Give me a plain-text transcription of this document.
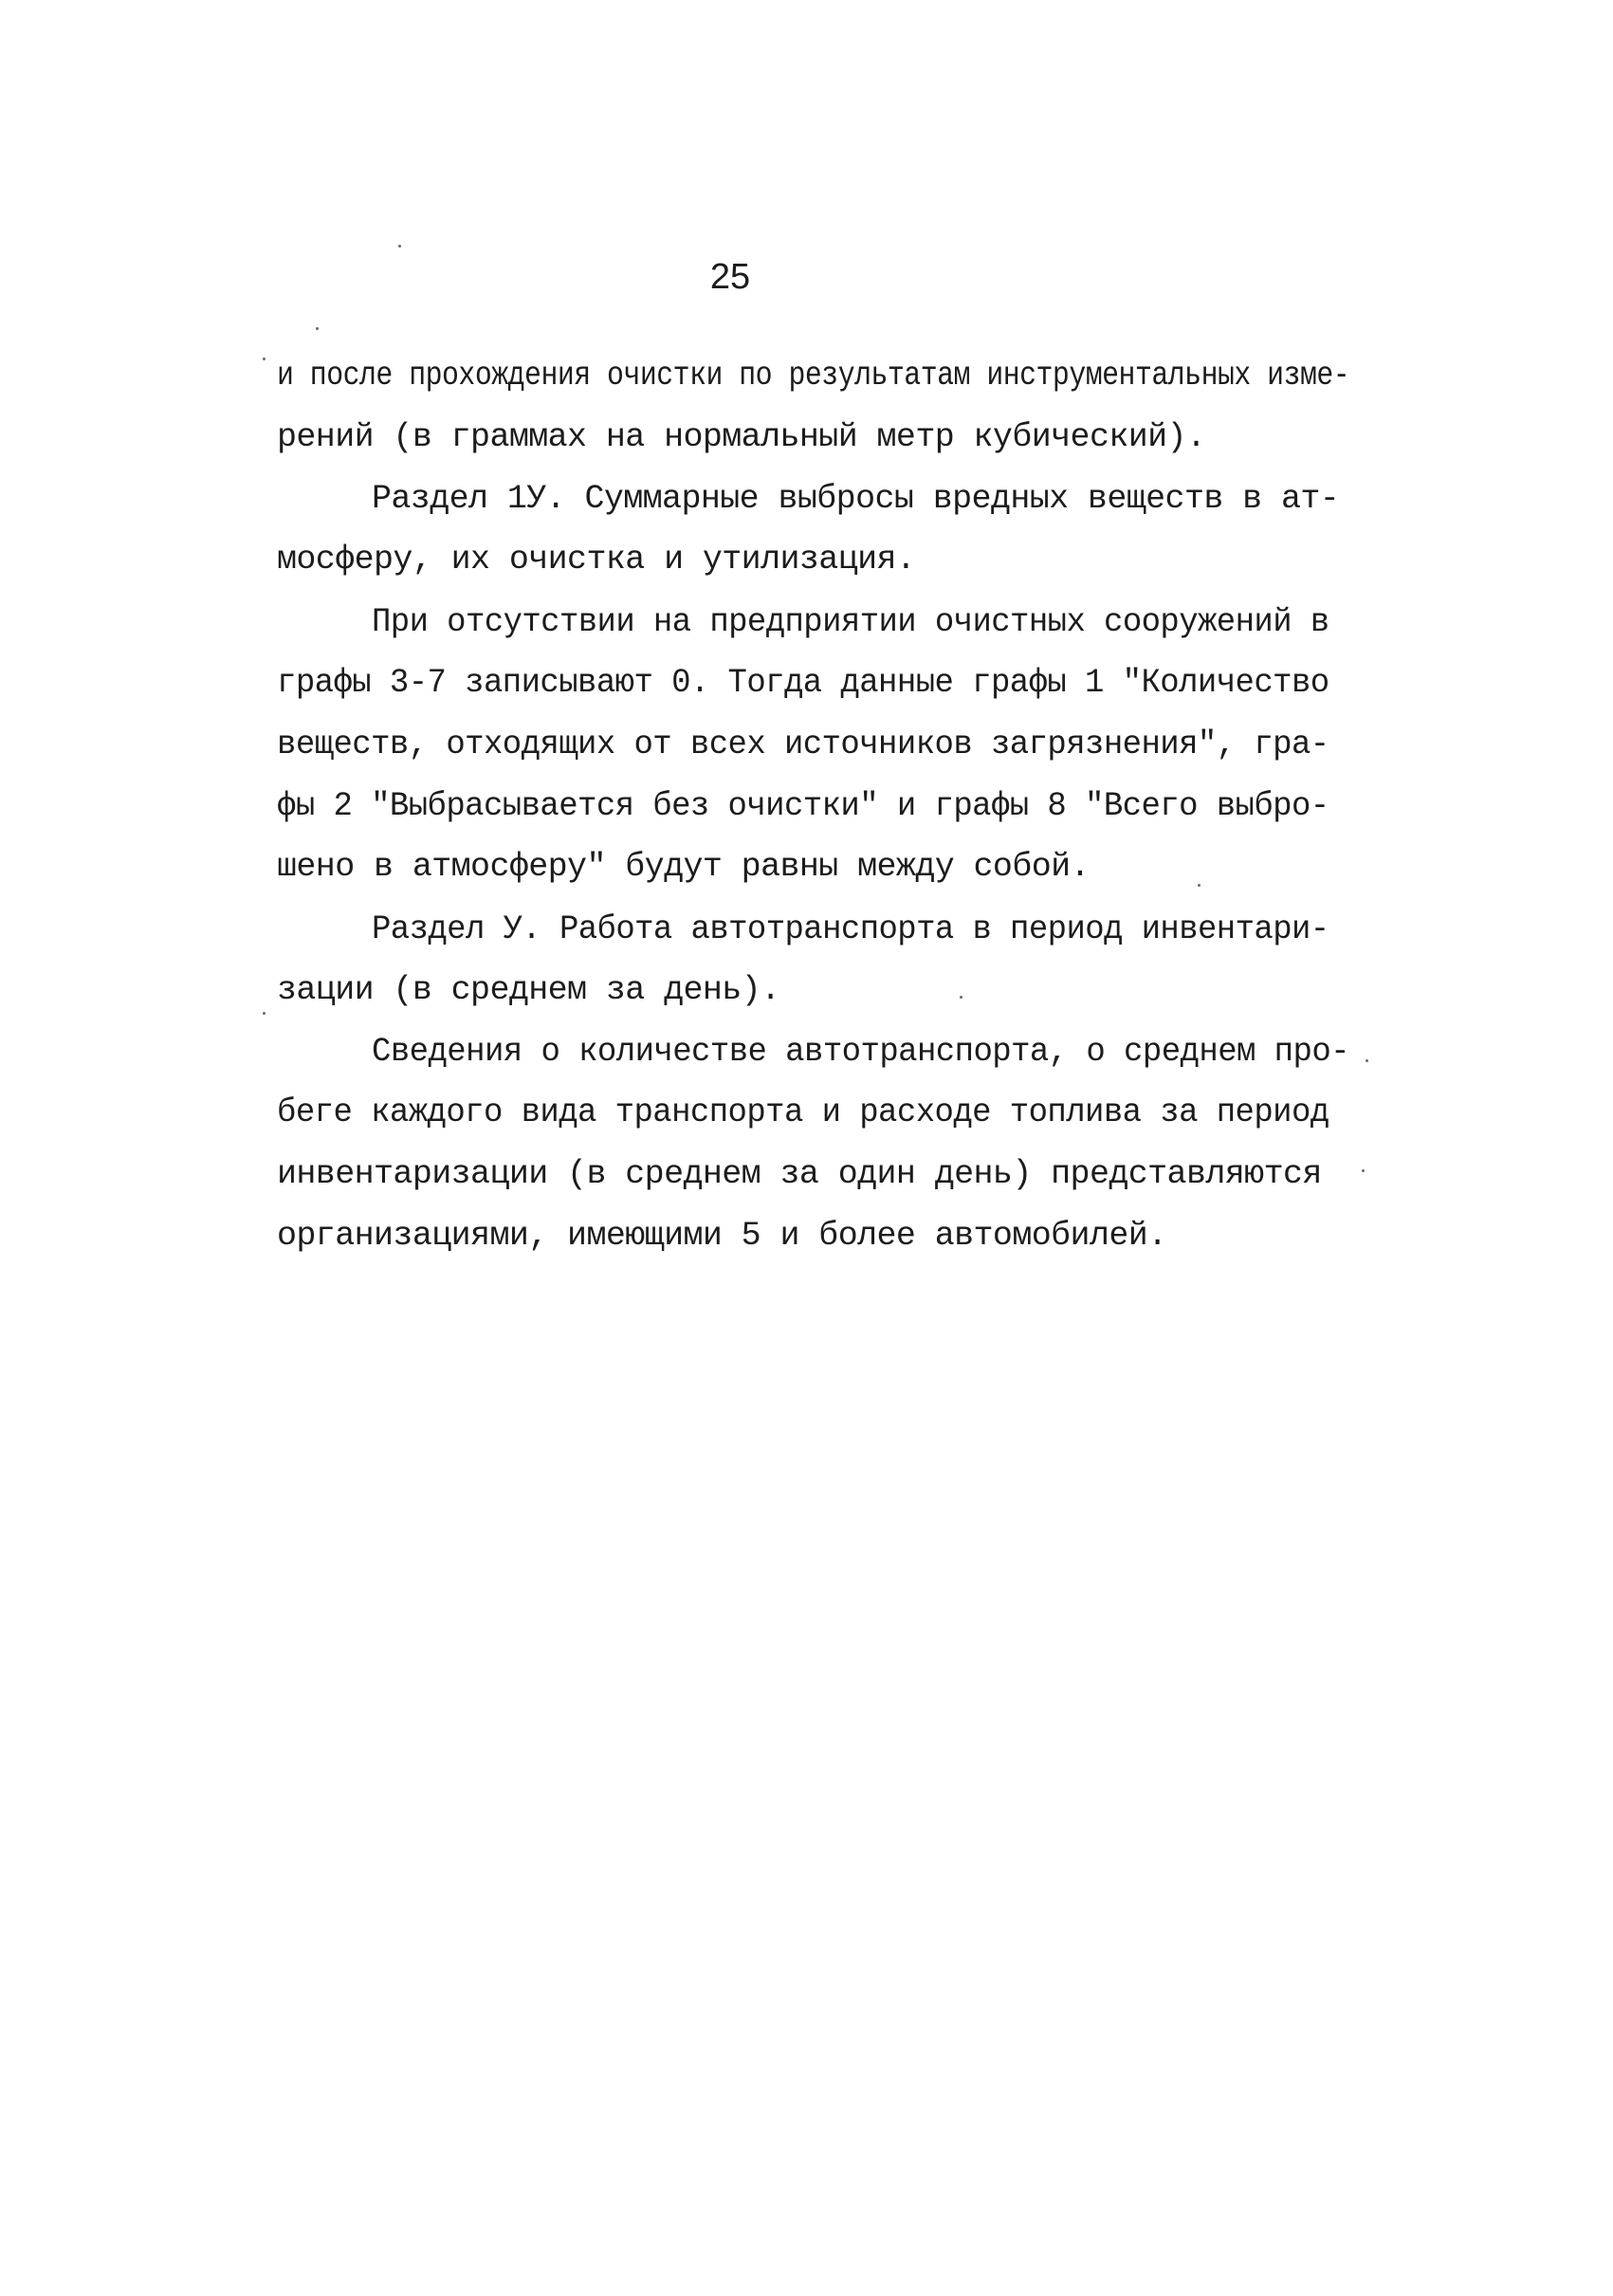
25
и после прохождения очистки по результатам инструментальных изме-
рений (в граммах на нормальный метр кубический).
Раздел 1У. Суммарные выбросы вредных веществ в ат-
мосферу, их очистка и утилизация.
При отсутствии на предприятии очистных сооружений в
графы 3-7 записывают 0. Тогда данные графы 1 "Количество
веществ, отходящих от всех источников загрязнения", гра-
фы 2 "Выбрасывается без очистки" и графы 8 "Всего выбро-
шено в атмосферу" будут равны между собой.
Раздел У. Работа автотранспорта в период инвентари-
зации (в среднем за день).
Сведения о количестве автотранспорта, о среднем про-
беге каждого вида транспорта и расходе топлива за период
инвентаризации (в среднем за один день) представляются
организациями, имеющими 5 и более автомобилей.
